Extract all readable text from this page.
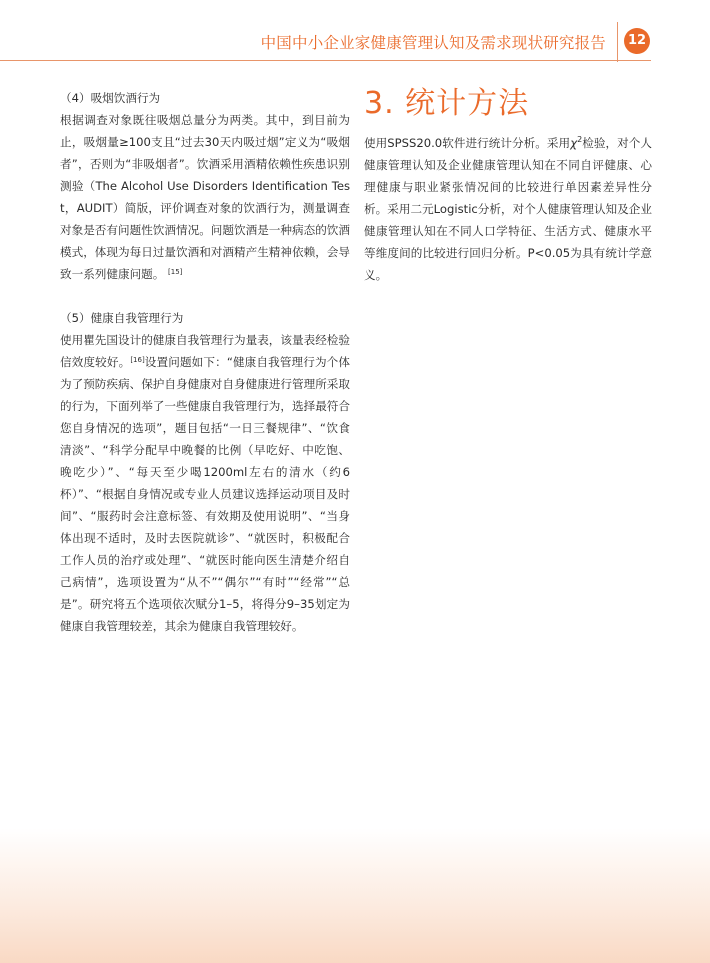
中国中小企业家健康管理认知及需求现状研究报告	12

（4）吸烟饮酒行为

根据调查对象既往吸烟总量分为两类。其中，到目前为止，吸烟量≥100支且“过去30天内吸过烟”定义为“吸烟者”，否则为“非吸烟者”。饮酒采用酒精依赖性疾患识别测验（The Alcohol Use Disorders Identification Test，AUDIT）简版，评价调查对象的饮酒行为，测量调查对象是否有问题性饮酒情况。问题饮酒是一种病态的饮酒模式，体现为每日过量饮酒和对酒精产生精神依赖，会导致一系列健康问题。 [15]

（5）健康自我管理行为

使用瞿先国设计的健康自我管理行为量表，该量表经检验信效度较好。[16]设置问题如下：“健康自我管理行为个体为了预防疾病、保护自身健康对自身健康进行管理所采取的行为，下面列举了一些健康自我管理行为，选择最符合您自身情况的选项”，题目包括“一日三餐规律”、“饮食清淡”、“科学分配早中晚餐的比例（早吃好、中吃饱、晚吃少）”、“每天至少喝1200ml左右的清水（约6杯）”、“根据自身情况或专业人员建议选择运动项目及时间”、“服药时会注意标签、有效期及使用说明”、“当身体出现不适时，及时去医院就诊”、“就医时，积极配合工作人员的治疗或处理”、“就医时能向医生清楚介绍自己病情”，选项设置为“从不”“偶尔”“有时”“经常”“总是”。研究将五个选项依次赋分1–5，将得分9–35划定为健康自我管理较差，其余为健康自我管理较好。

3. 统计方法

使用SPSS20.0软件进行统计分析。采用$\chi^2$检验，对个人健康管理认知及企业健康管理认知在不同自评健康、心理健康与职业紧张情况间的比较进行单因素差异性分析。采用二元Logistic分析，对个人健康管理认知及企业健康管理认知在不同人口学特征、生活方式、健康水平等维度间的比较进行回归分析。P<0.05为具有统计学意义。
